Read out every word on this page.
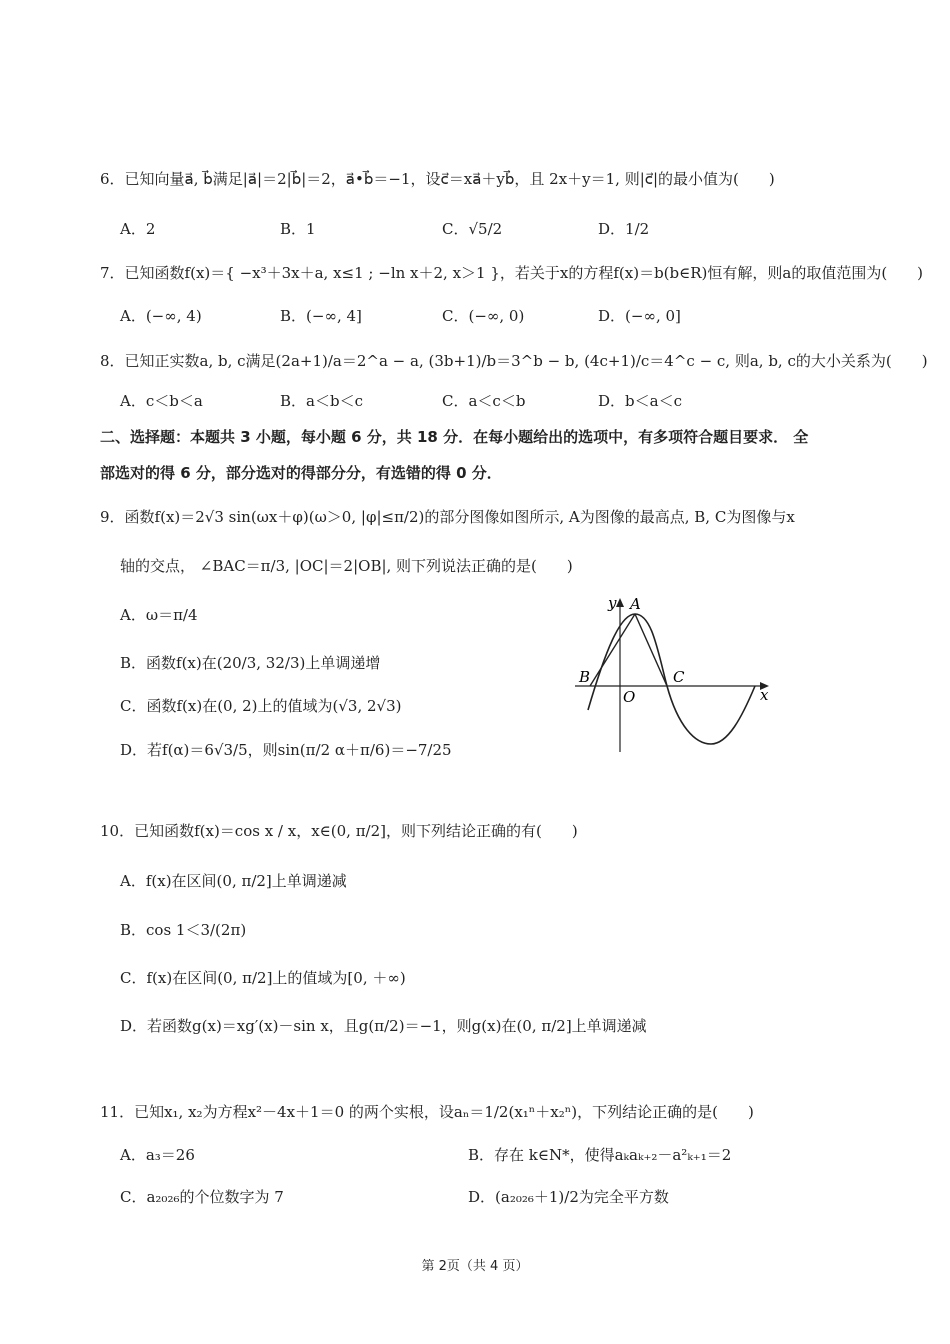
6．已知向量a⃗, b⃗满足|a⃗|＝2|b⃗|＝2，a⃗•b⃗＝−1，设c⃗＝xa⃗＋yb⃗，且 2x＋y＝1, 则|c⃗|的最小值为(　　)
A．2	B．1	C．√5/2	D．1/2
7．已知函数f(x)＝{ −x³＋3x＋a, x≤1 ; −ln x＋2, x＞1 }，若关于x的方程f(x)＝b(b∈R)恒有解，则a的取值范围为(　　)
A．(−∞, 4)	B．(−∞, 4]	C．(−∞, 0)	D．(−∞, 0]
8．已知正实数a, b, c满足(2a+1)/a＝2^a − a, (3b+1)/b＝3^b − b, (4c+1)/c＝4^c − c, 则a, b, c的大小关系为(　　)
A．c＜b＜a	B．a＜b＜c	C．a＜c＜b	D．b＜a＜c
二、选择题：本题共 3 小题，每小题 6 分，共 18 分．在每小题给出的选项中，有多项符合题目要求． 全
部选对的得 6 分，部分选对的得部分分，有选错的得 0 分．
9．函数f(x)＝2√3 sin(ωx＋φ)(ω＞0, |φ|≤π/2)的部分图像如图所示, A为图像的最高点, B, C为图像与x
轴的交点， ∠BAC＝π/3, |OC|＝2|OB|, 则下列说法正确的是(　　)
A．ω＝π/4
B．函数f(x)在(20/3, 32/3)上单调递增
C．函数f(x)在(0, 2)上的值域为(√3, 2√3)
D．若f(α)＝6√3/5，则sin(π/2 α＋π/6)＝−7/25
y A
B	C
O	x
10．已知函数f(x)＝cos x / x，x∈(0, π/2]，则下列结论正确的有(　　)
A．f(x)在区间(0, π/2]上单调递减
B．cos 1＜3/(2π)
C．f(x)在区间(0, π/2]上的值域为[0, ＋∞)
D．若函数g(x)＝xg′(x)－sin x，且g(π/2)＝−1，则g(x)在(0, π/2]上单调递减
11．已知x₁, x₂为方程x²－4x＋1＝0 的两个实根，设aₙ＝1/2(x₁ⁿ＋x₂ⁿ)，下列结论正确的是(　　)
A．a₃＝26	B．存在 k∈N*，使得aₖaₖ₊₂－a²ₖ₊₁＝2
C．a₂₀₂₆的个位数字为 7	D．(a₂₀₂₆＋1)/2为完全平方数
第 2页（共 4 页）
